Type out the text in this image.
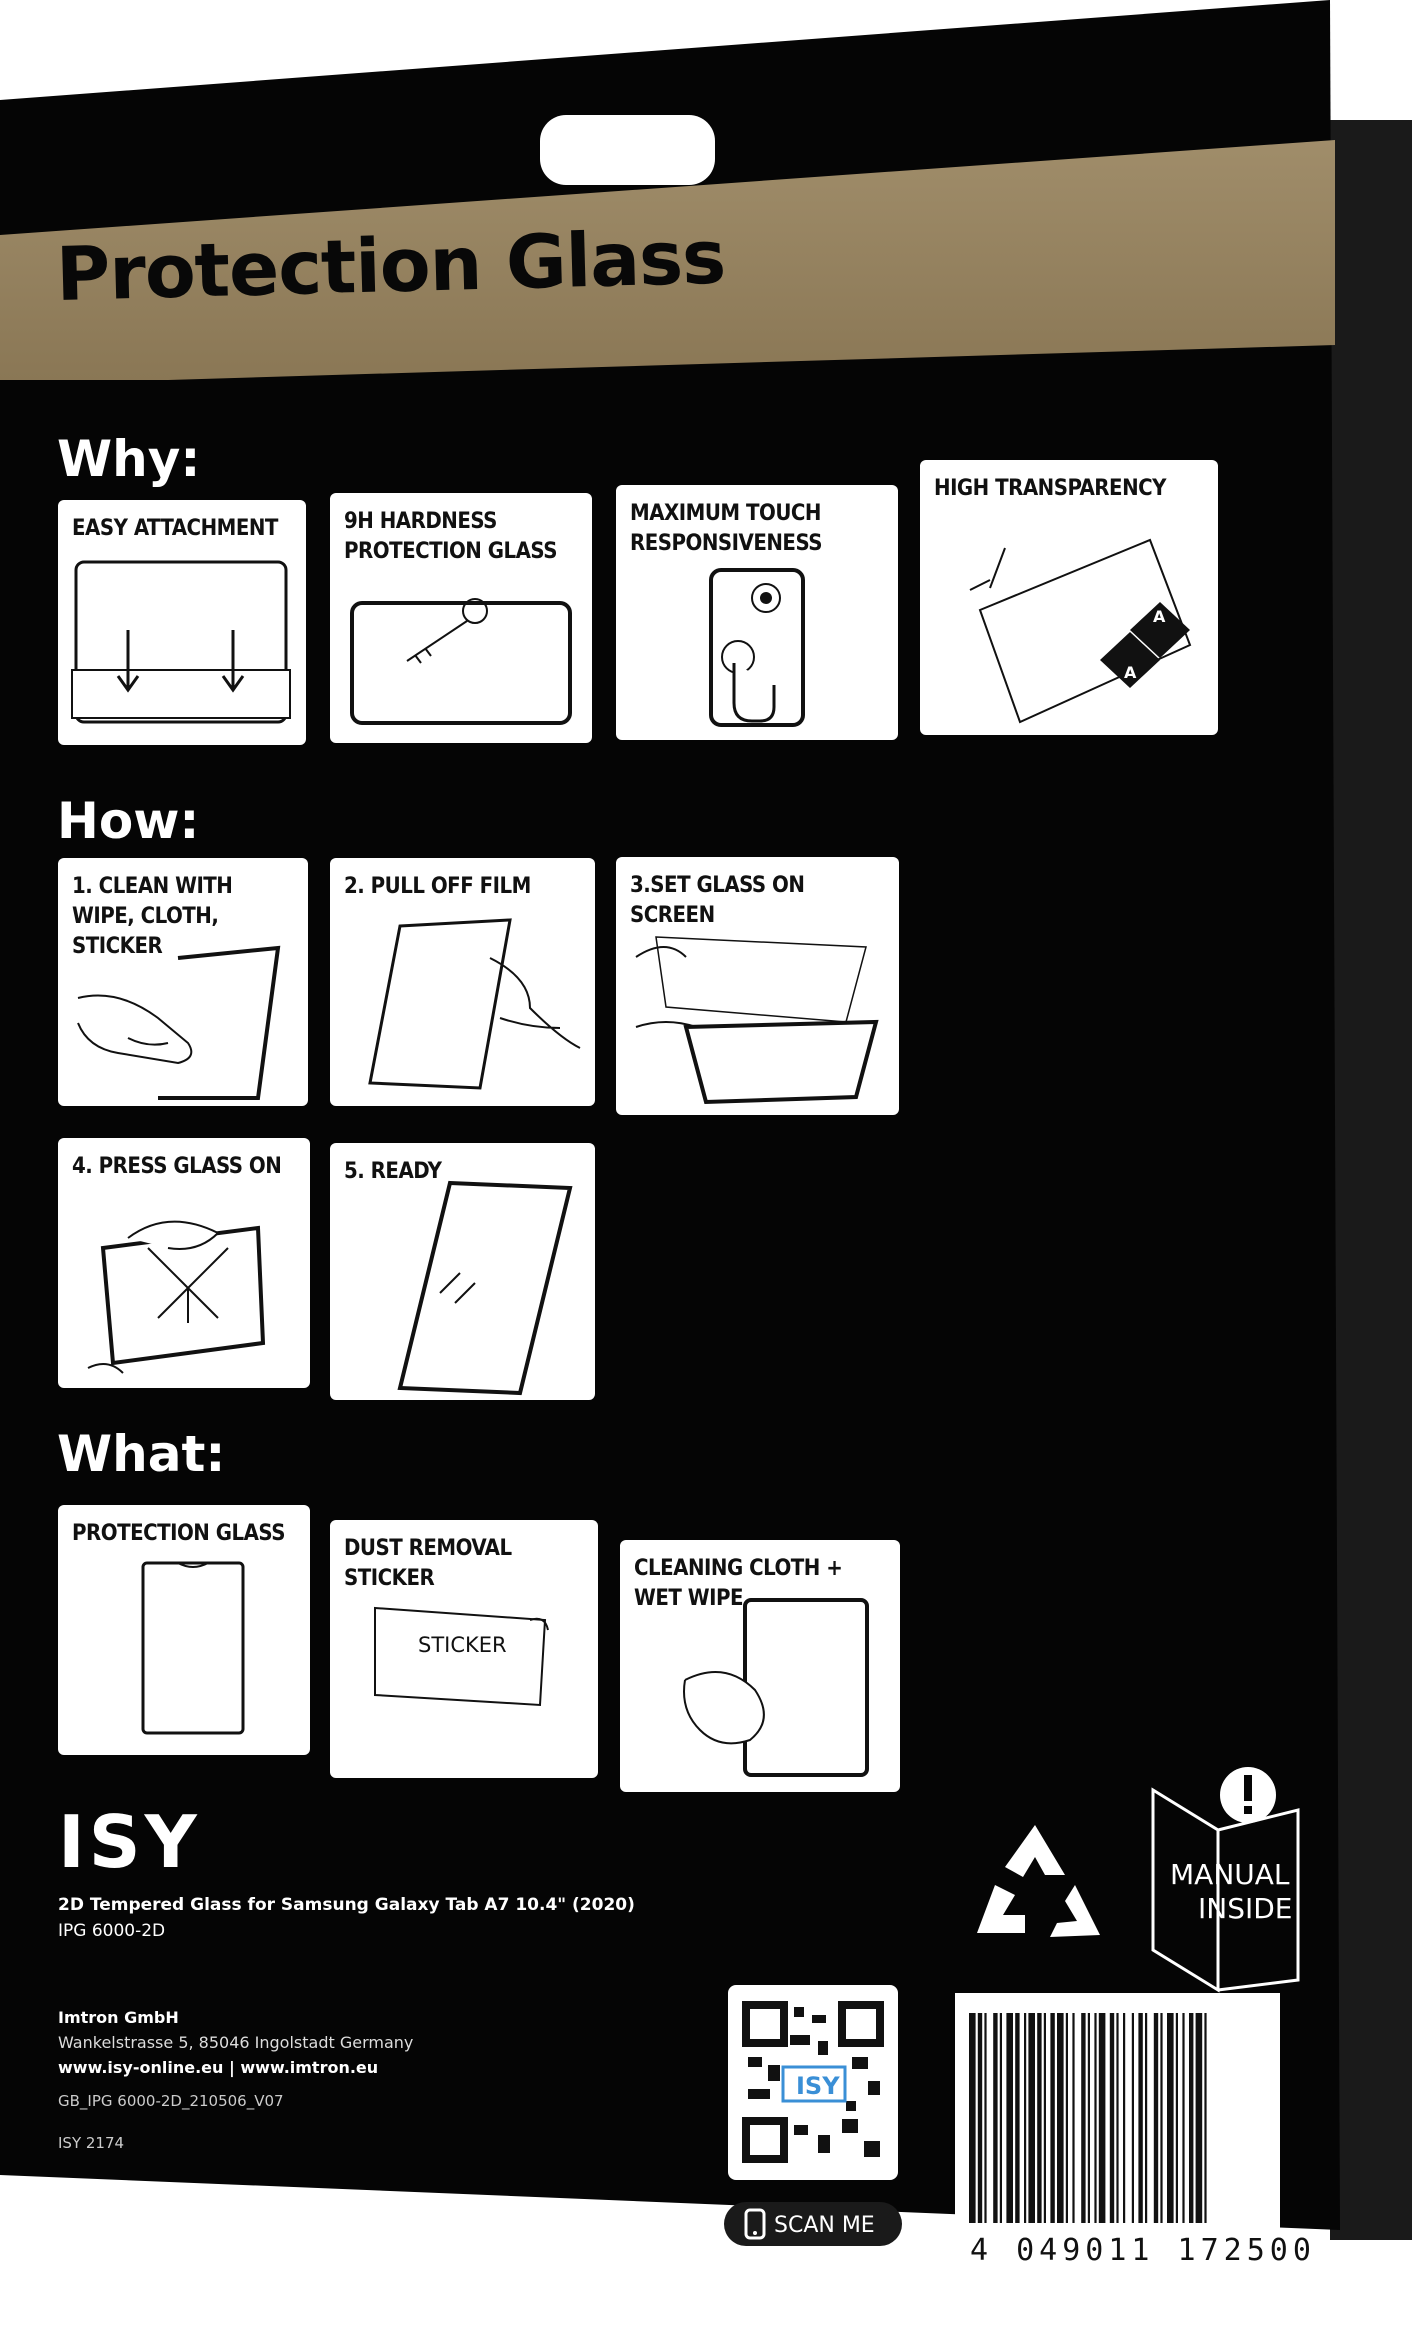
Protection Glass
Why:
EASY ATTACHMENT	9H HARDNESS PROTECTION GLASS
MAXIMUM TOUCH RESPONSIVENESS
HIGH TRANSPARENCY
A
A
How:
1. CLEAN WITH WIPE, CLOTH, STICKER
2. PULL OFF FILM	3.SET GLASS ON SCREEN
4. PRESS GLASS ON	5. READY
What:
PROTECTION GLASS
DUST REMOVAL STICKER
STICKER
CLEANING CLOTH + WET WIPE
ISY
2D Tempered Glass for Samsung Galaxy Tab A7 10.4" (2020)
IPG 6000-2D
Imtron GmbH
Wankelstrasse 5, 85046 Ingolstadt Germany
www.isy-online.eu | www.imtron.eu
GB_IPG 6000-2D_210506_V07
ISY 2174
MANUAL
INSIDE
ISY
SCAN ME
4 049011 172500
